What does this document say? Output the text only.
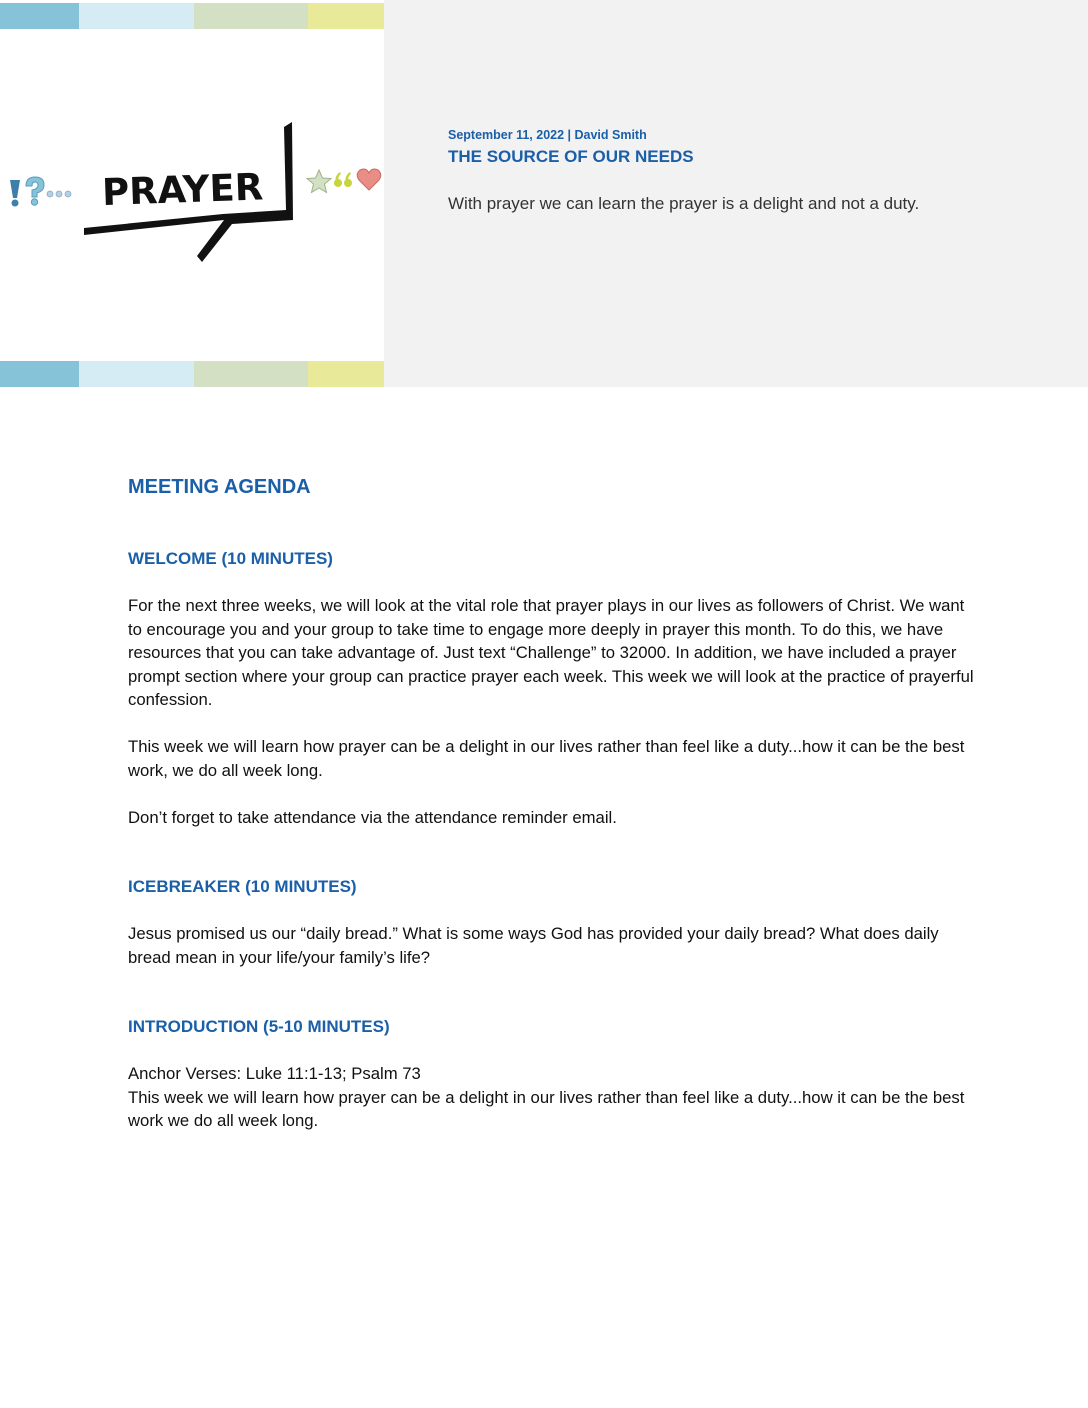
PRAYER
September 11, 2022 | David Smith
THE SOURCE OF OUR NEEDS
With prayer we can learn the prayer is a delight and not a duty.
MEETING AGENDA
WELCOME (10 MINUTES)

For the next three weeks, we will look at the vital role that prayer plays in our lives as followers of Christ. We want to encourage you and your group to take time to engage more deeply in prayer this month. To do this, we have resources that you can take advantage of. Just text “Challenge” to 32000. In addition, we have included a prayer prompt section where your group can practice prayer each week. This week we will look at the practice of prayerful confession.

This week we will learn how prayer can be a delight in our lives rather than feel like a duty...how it can be the best work, we do all week long.

Don’t forget to take attendance via the attendance reminder email.

ICEBREAKER (10 MINUTES)

Jesus promised us our “daily bread.” What is some ways God has provided your daily bread? What does daily bread mean in your life/your family’s life?

INTRODUCTION (5-10 MINUTES)

Anchor Verses: Luke 11:1-13; Psalm 73

This week we will learn how prayer can be a delight in our lives rather than feel like a duty...how it can be the best work we do all week long.
